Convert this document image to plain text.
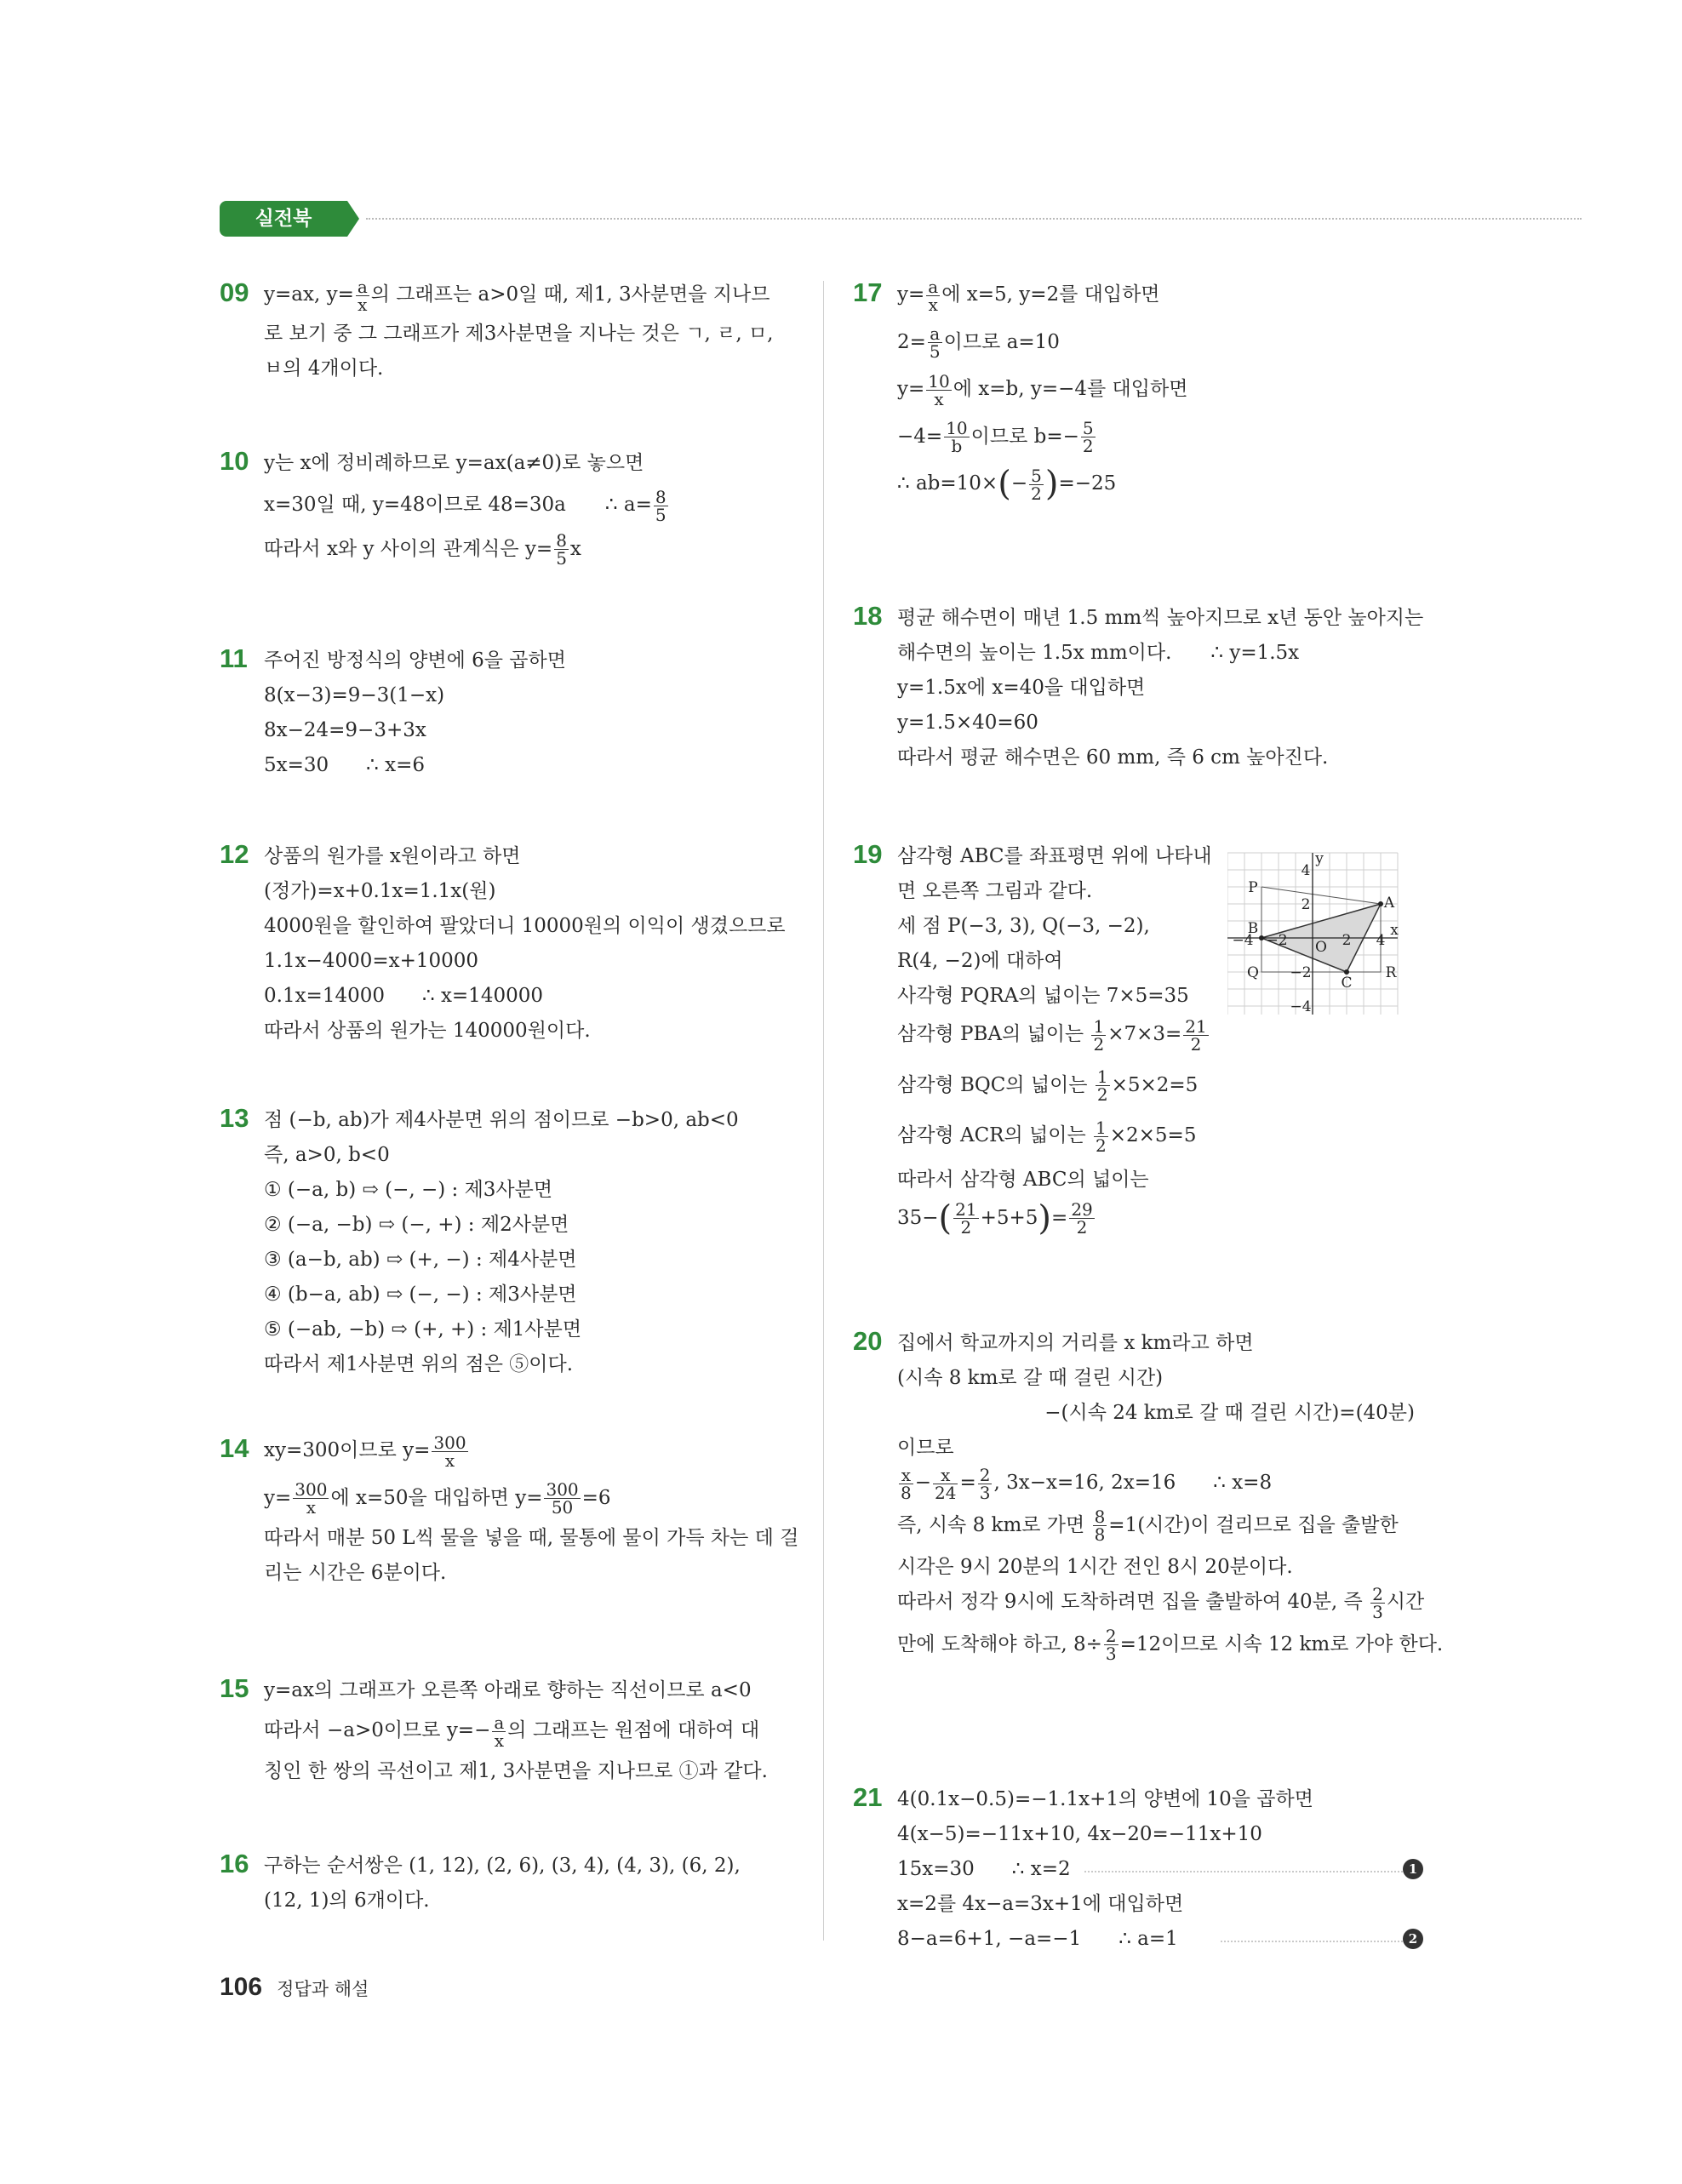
실전북
09 y=ax, $y= \frac{a}{x}$ 의 그래프는 a>0일 때, 제1, 3사분면을 지나므
로 보기 중 그 그래프가 제3사분면을 지나는 것은 ㄱ, ㄹ, ㅁ,
ㅂ의 4개이다.
10 y는 x에 정비례하므로 y=ax(a≠0)로 놓으면
x=30일 때, y=48이므로 48=30a ∴ $a= \frac{8}{5}$
따라서 x와 y 사이의 관계식은 $y= \frac{8}{5}$ x
11 주어진 방정식의 양변에 6을 곱하면
8(x−3)=9−3(1−x)
8x−24=9−3+3x
5x=30 ∴ x=6
12 상품의 원가를 x원이라고 하면
(정가)=x+0.1x=1.1x(원)
4000원을 할인하여 팔았더니 10000원의 이익이 생겼으므로
1.1x−4000=x+10000
0.1x=14000 ∴ x=140000
따라서 상품의 원가는 140000원이다.
13 점 (−b, ab)가 제4사분면 위의 점이므로 −b>0, ab<0
즉, a>0, b<0
① (−a, b) ⇨ (−, −) : 제3사분면
② (−a, −b) ⇨ (−, +) : 제2사분면
③ (a−b, ab) ⇨ (+, −) : 제4사분면
④ (b−a, ab) ⇨ (−, −) : 제3사분면
⑤ (−ab, −b) ⇨ (+, +) : 제1사분면
따라서 제1사분면 위의 점은 ⑤이다.
14 xy=300이므로 $y= \frac{300}{x}$
$y= \frac{300}{x}$ 에 x=50을 대입하면 $y= \frac{300}{50} =6$
따라서 매분 50 L씩 물을 넣을 때, 물통에 물이 가득 차는 데 걸
리는 시간은 6분이다.
15 y=ax의 그래프가 오른쪽 아래로 향하는 직선이므로 a<0
따라서 −a>0이므로 $y=- \frac{a}{x}$ 의 그래프는 원점에 대하여 대
칭인 한 쌍의 곡선이고 제1, 3사분면을 지나므로 ①과 같다.
16 구하는 순서쌍은 (1, 12), (2, 6), (3, 4), (4, 3), (6, 2),
(12, 1)의 6개이다.
17 $y= \frac{a}{x}$ 에 x=5, y=2를 대입하면
$2= \frac{a}{5}$ 이므로 a=10
$y= \frac{10}{x}$ 에 x=b, y=−4를 대입하면
$-4= \frac{10}{b}$ 이므로 $b=- \frac{5}{2}$
∴ $ab=10\times(- \frac{5}{2} )=-25$
18 평균 해수면이 매년 1.5 mm씩 높아지므로 x년 동안 높아지는
해수면의 높이는 1.5x mm이다. ∴ y=1.5x
y=1.5x에 x=40을 대입하면
y=1.5×40=60
따라서 평균 해수면은 60 mm, 즉 6 cm 높아진다.
19 삼각형 ABC를 좌표평면 위에 나타내
면 오른쪽 그림과 같다.
세 점 P(−3, 3), Q(−3, −2),
R(4, −2)에 대하여
사각형 PQRA의 넓이는 7×5=35
삼각형 PBA의 넓이는 $\frac{1}{2} \times 7\times 3= \frac{21}{2}$
삼각형 BQC의 넓이는 $\frac{1}{2} \times 5\times 2=5$
삼각형 ACR의 넓이는 $\frac{1}{2} \times 2\times 5=5$
따라서 삼각형 ABC의 넓이는
$35-( \frac{21}{2} +5+5)= \frac{29}{2}$
P
A
B
Q
C
R
O
x
y
4
2
−2
−4
−4 −2	2 4
20 집에서 학교까지의 거리를 x km라고 하면
(시속 8 km로 갈 때 걸린 시간)
−(시속 24 km로 갈 때 걸린 시간)=(40분)
이므로
$\frac{x}{8} - \frac{x}{24} = \frac{2}{3}$ , 3x−x=16, 2x=16 ∴ x=8
즉, 시속 8 km로 가면 $\frac{8}{8} =1$(시간)이 걸리므로 집을 출발한
시각은 9시 20분의 1시간 전인 8시 20분이다.
따라서 정각 9시에 도착하려면 집을 출발하여 40분, 즉 $\frac{2}{3}$ 시간
만에 도착해야 하고, $8\div \frac{2}{3} =12$이므로 시속 12 km로 가야 한다.
21 4(0.1x−0.5)=−1.1x+1의 양변에 10을 곱하면
4(x−5)=−11x+10, 4x−20=−11x+10
15x=30 ∴ x=2	1
x=2를 4x−a=3x+1에 대입하면
8−a=6+1, −a=−1 ∴ a=1	2
106 정답과 해설
